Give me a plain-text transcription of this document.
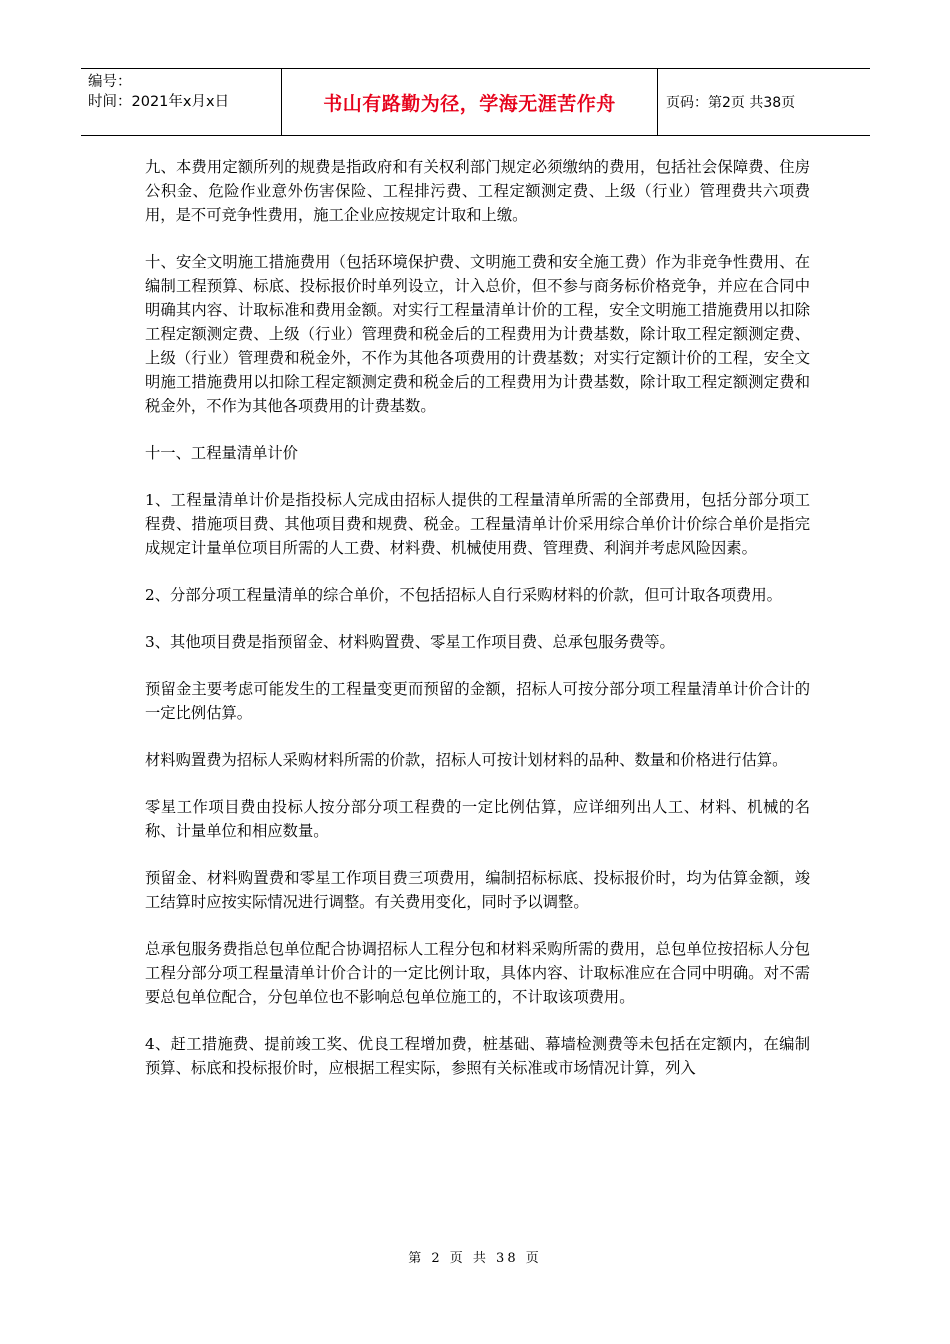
编号：
时间：2021年x月x日	书山有路勤为径，学海无涯苦作舟	页码：第2页 共38页

九、本费用定额所列的规费是指政府和有关权利部门规定必须缴纳的费用，包括社会保障费、住房公积金、危险作业意外伤害保险、工程排污费、工程定额测定费、上级（行业）管理费共六项费用，是不可竞争性费用，施工企业应按规定计取和上缴。

十、安全文明施工措施费用（包括环境保护费、文明施工费和安全施工费）作为非竞争性费用、在编制工程预算、标底、投标报价时单列设立，计入总价，但不参与商务标价格竞争，并应在合同中明确其内容、计取标准和费用金额。对实行工程量清单计价的工程，安全文明施工措施费用以扣除工程定额测定费、上级（行业）管理费和税金后的工程费用为计费基数，除计取工程定额测定费、上级（行业）管理费和税金外，不作为其他各项费用的计费基数；对实行定额计价的工程，安全文明施工措施费用以扣除工程定额测定费和税金后的工程费用为计费基数，除计取工程定额测定费和税金外，不作为其他各项费用的计费基数。

十一、工程量清单计价

1、工程量清单计价是指投标人完成由招标人提供的工程量清单所需的全部费用，包括分部分项工程费、措施项目费、其他项目费和规费、税金。工程量清单计价采用综合单价计价综合单价是指完成规定计量单位项目所需的人工费、材料费、机械使用费、管理费、利润并考虑风险因素。

2、分部分项工程量清单的综合单价，不包括招标人自行采购材料的价款，但可计取各项费用。

3、其他项目费是指预留金、材料购置费、零星工作项目费、总承包服务费等。

预留金主要考虑可能发生的工程量变更而预留的金额，招标人可按分部分项工程量清单计价合计的一定比例估算。

材料购置费为招标人采购材料所需的价款，招标人可按计划材料的品种、数量和价格进行估算。

零星工作项目费由投标人按分部分项工程费的一定比例估算，应详细列出人工、材料、机械的名称、计量单位和相应数量。

预留金、材料购置费和零星工作项目费三项费用，编制招标标底、投标报价时，均为估算金额，竣工结算时应按实际情况进行调整。有关费用变化，同时予以调整。

总承包服务费指总包单位配合协调招标人工程分包和材料采购所需的费用，总包单位按招标人分包工程分部分项工程量清单计价合计的一定比例计取，具体内容、计取标准应在合同中明确。对不需要总包单位配合，分包单位也不影响总包单位施工的，不计取该项费用。

4、赶工措施费、提前竣工奖、优良工程增加费，桩基础、幕墙检测费等未包括在定额内，在编制预算、标底和投标报价时，应根据工程实际，参照有关标准或市场情况计算，列入

第 2 页 共 38 页
